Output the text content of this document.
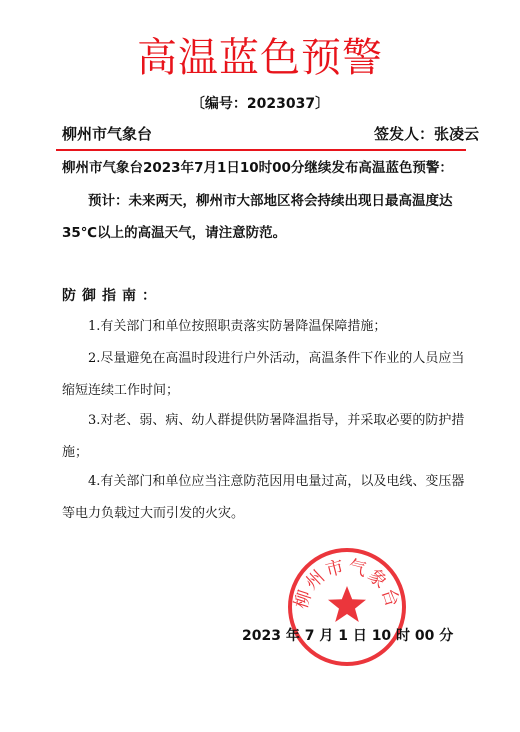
高温蓝色预警
〔编号：2023037〕
柳州市气象台	签发人：张凌云
柳州市气象台2023年7月1日10时00分继续发布高温蓝色预警：
预计：未来两天，柳州市大部地区将会持续出现日最高温度达 35℃以上的高温天气，请注意防范。
防御指南：
1.有关部门和单位按照职责落实防暑降温保障措施；
2.尽量避免在高温时段进行户外活动，高温条件下作业的人员应当缩短连续工作时间；
3.对老、弱、病、幼人群提供防暑降温指导，并采取必要的防护措施；
4.有关部门和单位应当注意防范因用电量过高，以及电线、变压器等电力负载过大而引发的火灾。
柳州市气象台
2023 年 7 月 1 日 10 时 00 分
